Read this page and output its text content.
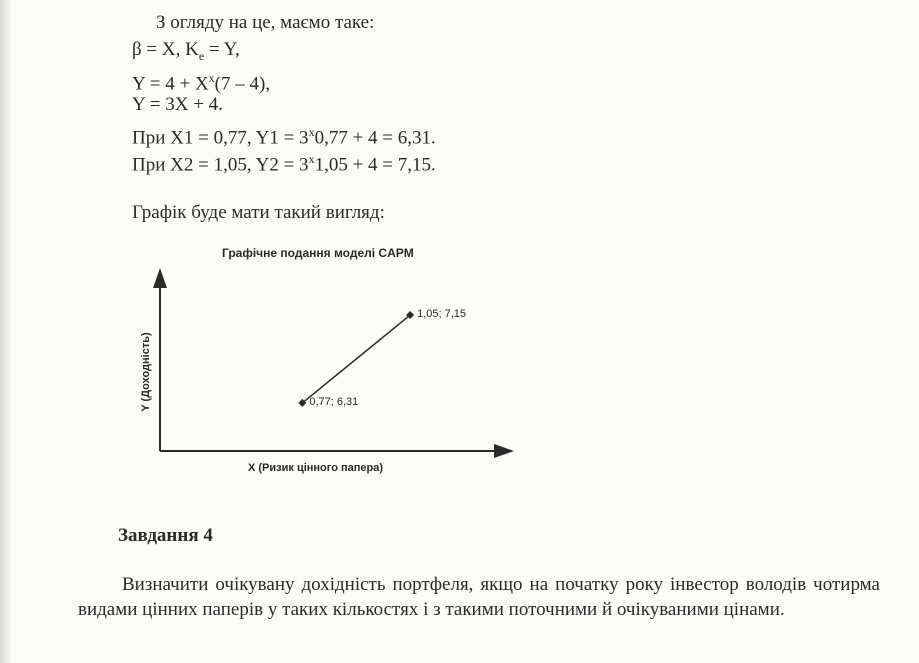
З огляду на це, маємо таке:
β = X, $K_e = Y$,
$Y = 4 + X^x(7 - 4)$,
Y = 3X + 4.
При X1 = 0,77, $Y1 = 3^x0,77 + 4 = 6,31$.
При X2 = 1,05, $Y2 = 3^x1,05 + 4 = 7,15$.
Графік буде мати такий вигляд:
Графічне подання моделі CAPM
X (Ризик цінного папера)
Y (Доходність)	0,77; 6,31
1,05; 7,15
Завдання 4
Визначити очікувану дохідність портфеля, якщо на початку року інвестор володів чотирма видами цінних паперів у таких кількостях і з такими поточними й очікуваними цінами.
